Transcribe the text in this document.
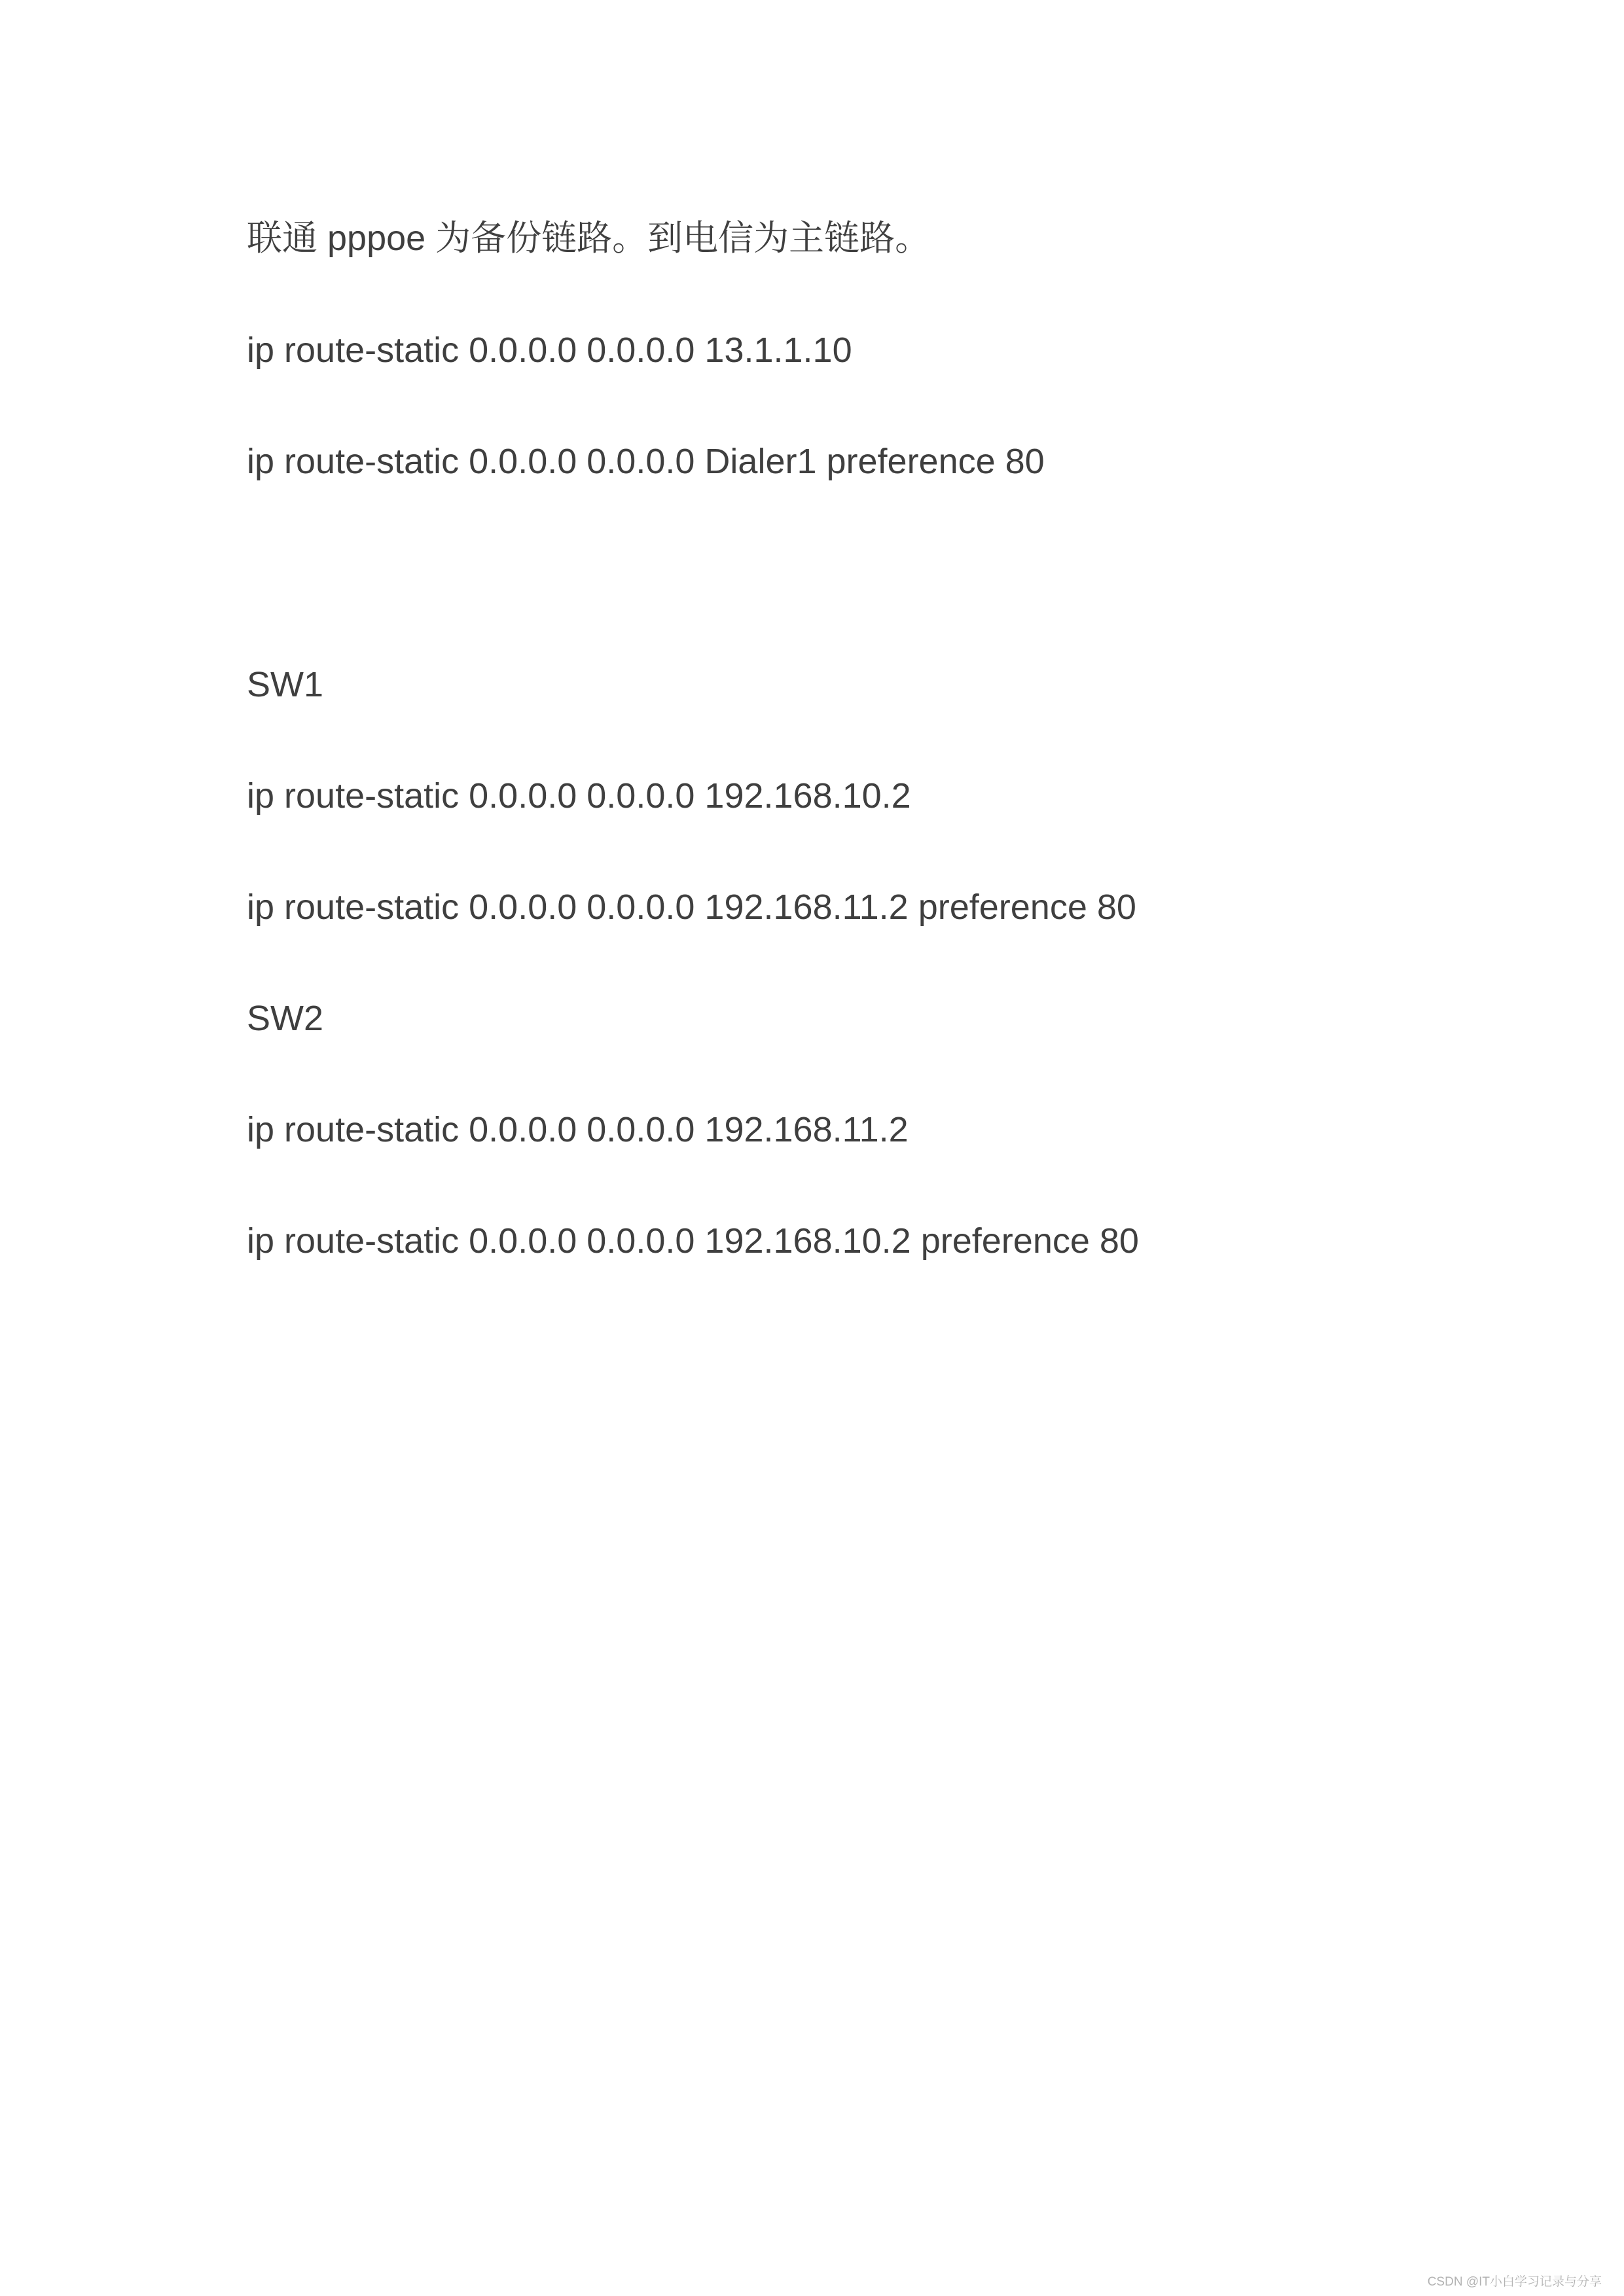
联通 pppoe 为备份链路。到电信为主链路。
ip route-static 0.0.0.0 0.0.0.0 13.1.1.10
ip route-static 0.0.0.0 0.0.0.0 Dialer1 preference 80
SW1
ip route-static 0.0.0.0 0.0.0.0 192.168.10.2
ip route-static 0.0.0.0 0.0.0.0 192.168.11.2 preference 80
SW2
ip route-static 0.0.0.0 0.0.0.0 192.168.11.2
ip route-static 0.0.0.0 0.0.0.0 192.168.10.2 preference 80
CSDN @IT小白学习记录与分享
